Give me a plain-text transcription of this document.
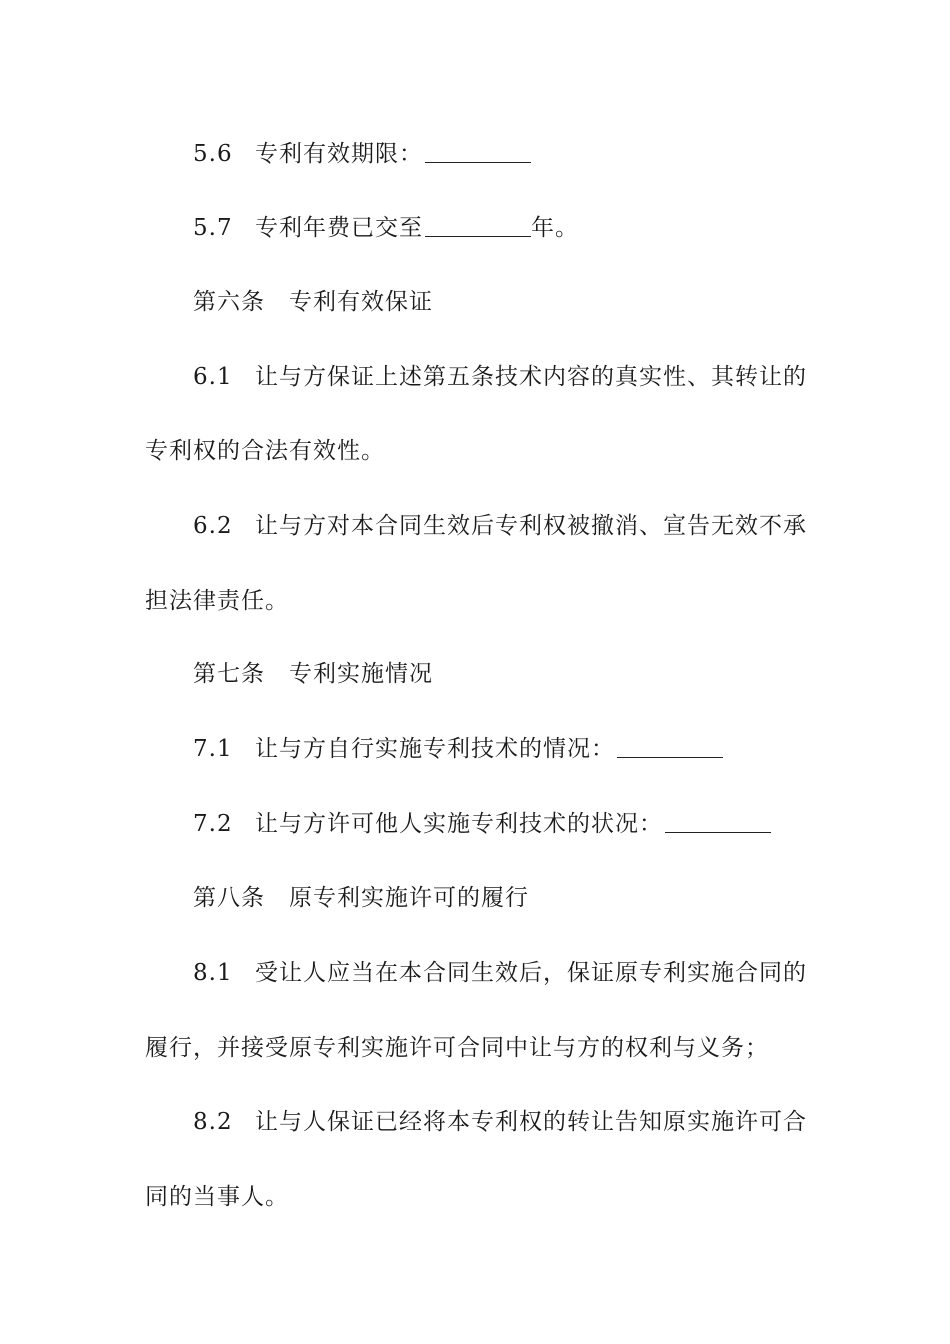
5.6 专利有效期限：
5.7 专利年费已交至	年。
第六条 专利有效保证
6.1 让与方保证上述第五条技术内容的真实性、其转让的
专利权的合法有效性。
6.2 让与方对本合同生效后专利权被撤消、宣告无效不承
担法律责任。
第七条 专利实施情况
7.1 让与方自行实施专利技术的情况：
7.2 让与方许可他人实施专利技术的状况：
第八条 原专利实施许可的履行
8.1 受让人应当在本合同生效后，保证原专利实施合同的
履行，并接受原专利实施许可合同中让与方的权利与义务；
8.2 让与人保证已经将本专利权的转让告知原实施许可合
同的当事人。
